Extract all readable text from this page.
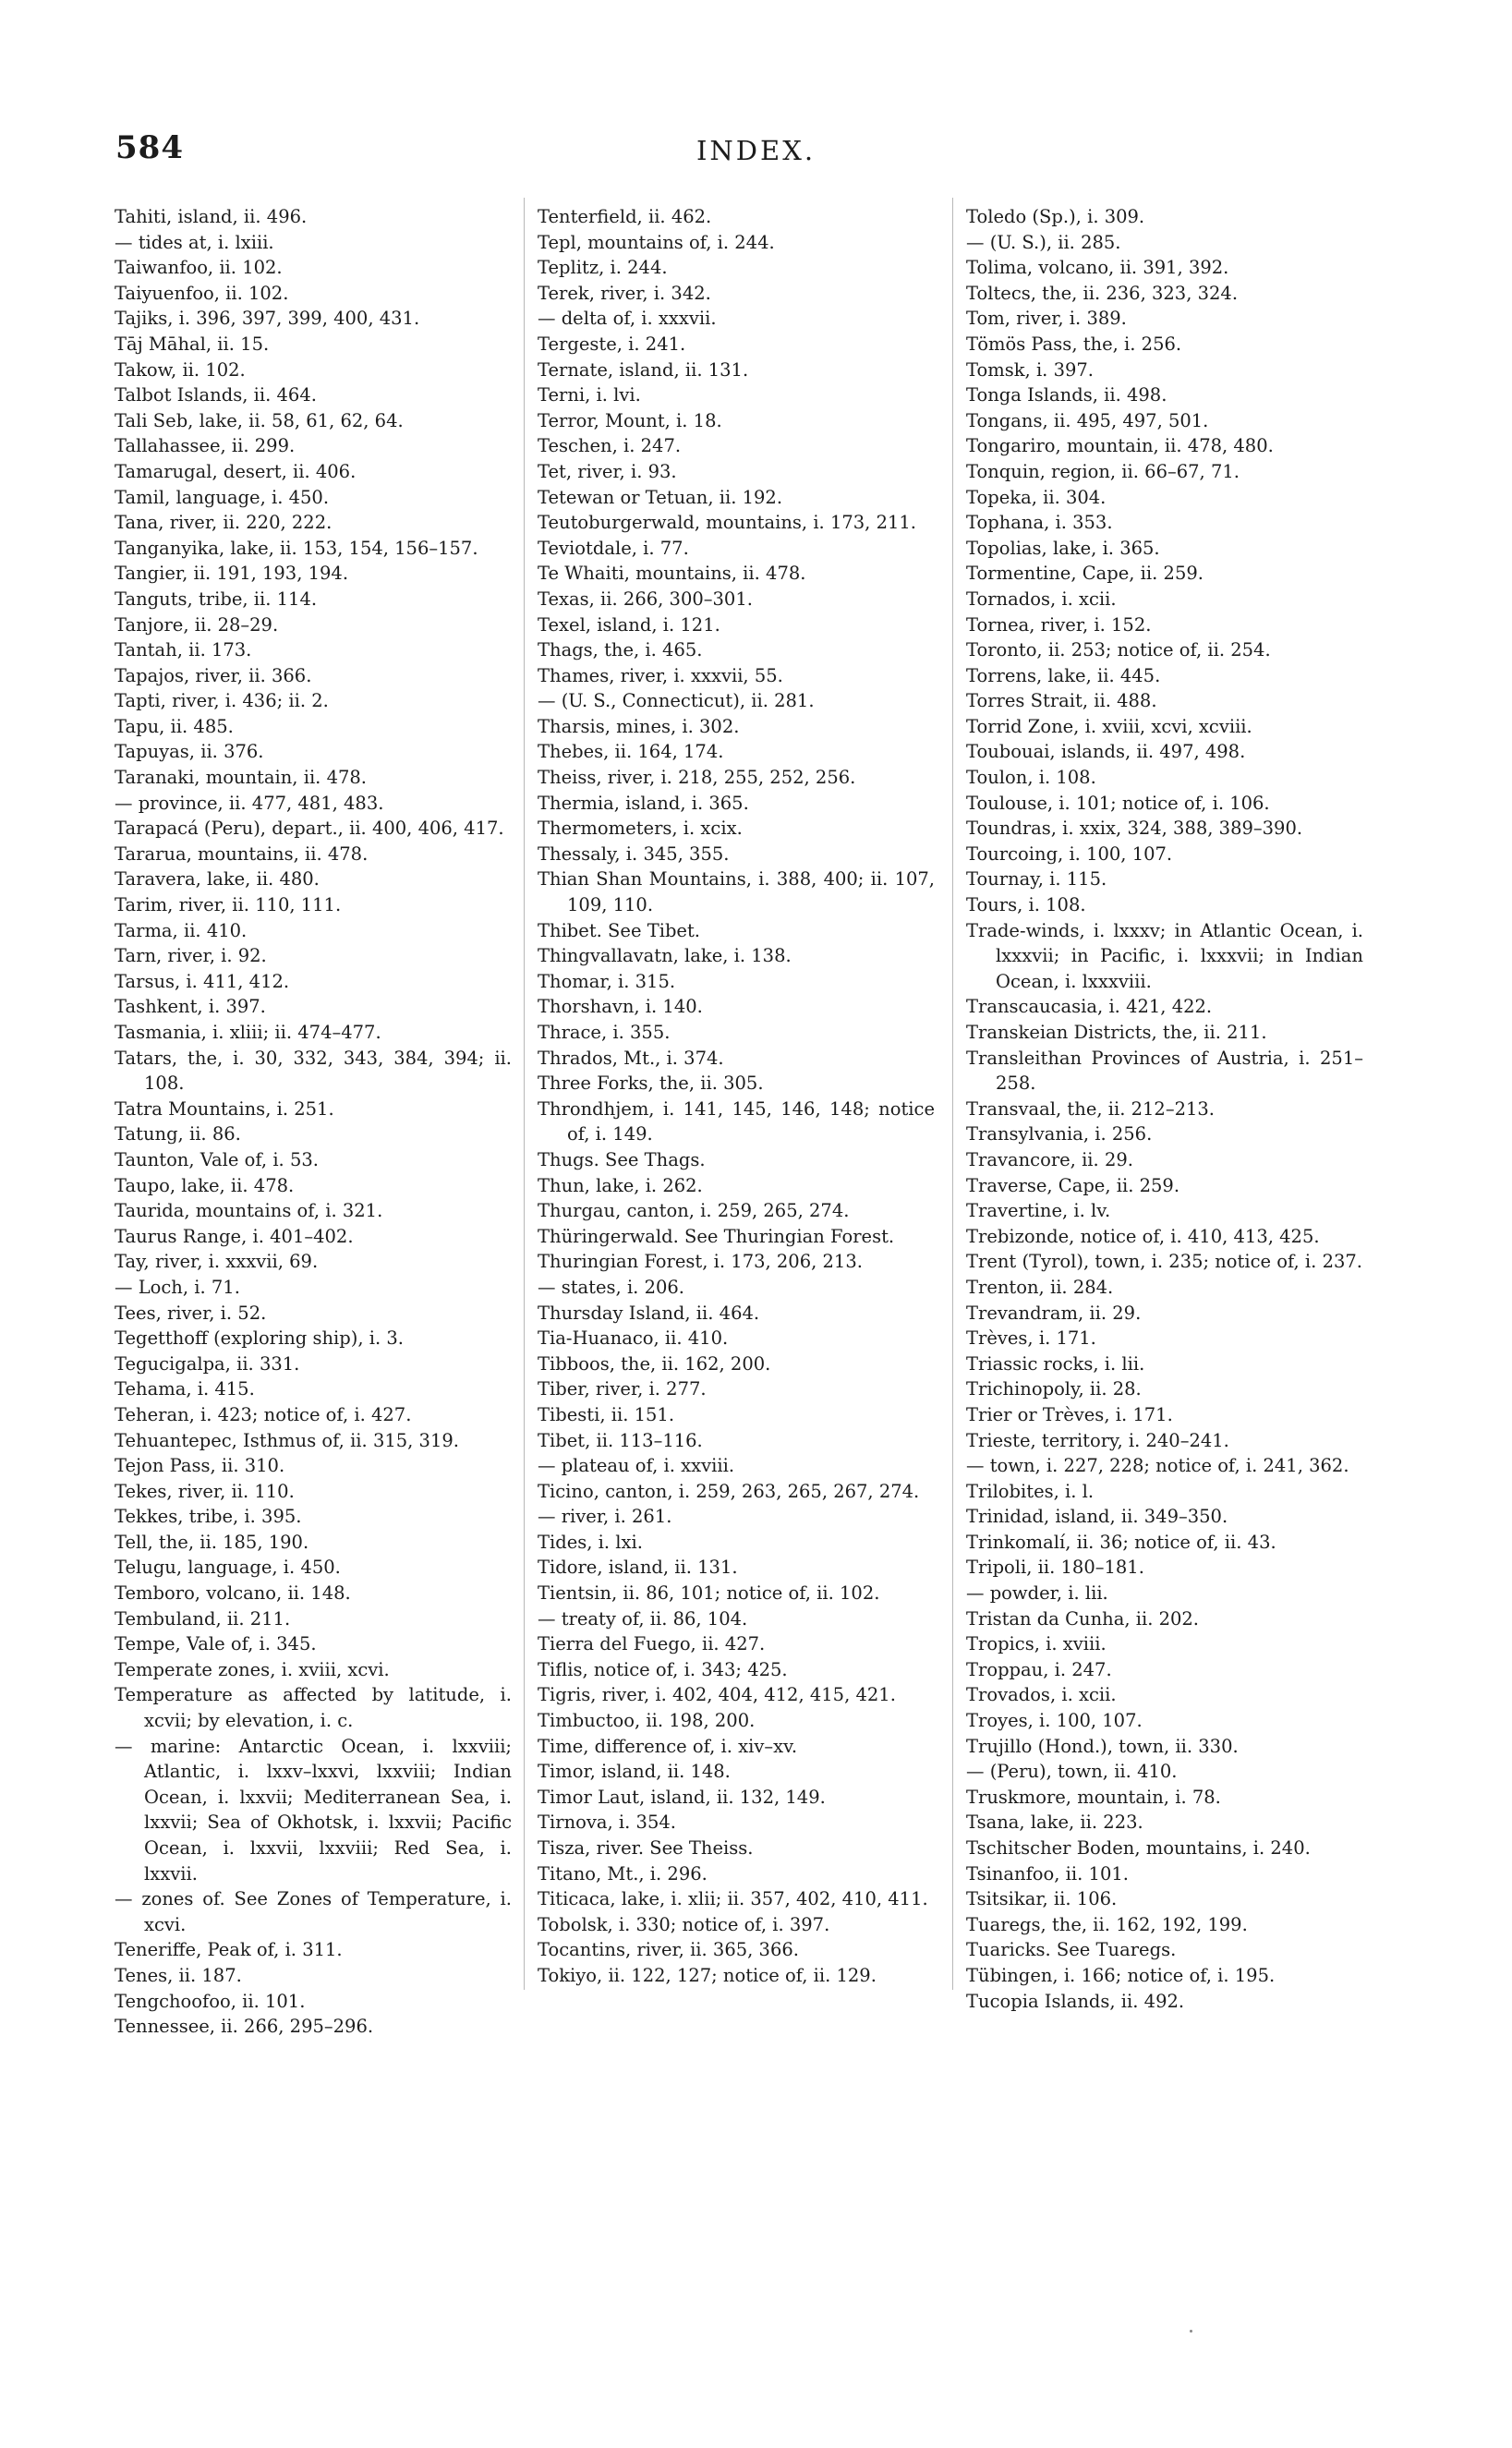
584	INDEX.

Tahiti, island, ii. 496.

— tides at, i. lxiii.

Taiwanfoo, ii. 102.

Taiyuenfoo, ii. 102.

Tajiks, i. 396, 397, 399, 400, 431.

Tāj Māhal, ii. 15.

Takow, ii. 102.

Talbot Islands, ii. 464.

Tali Seb, lake, ii. 58, 61, 62, 64.

Tallahassee, ii. 299.

Tamarugal, desert, ii. 406.

Tamil, language, i. 450.

Tana, river, ii. 220, 222.

Tanganyika, lake, ii. 153, 154, 156–157.

Tangier, ii. 191, 193, 194.

Tanguts, tribe, ii. 114.

Tanjore, ii. 28–29.

Tantah, ii. 173.

Tapajos, river, ii. 366.

Tapti, river, i. 436; ii. 2.

Tapu, ii. 485.

Tapuyas, ii. 376.

Taranaki, mountain, ii. 478.

— province, ii. 477, 481, 483.

Tarapacá (Peru), depart., ii. 400, 406, 417.

Tararua, mountains, ii. 478.

Taravera, lake, ii. 480.

Tarim, river, ii. 110, 111.

Tarma, ii. 410.

Tarn, river, i. 92.

Tarsus, i. 411, 412.

Tashkent, i. 397.

Tasmania, i. xliii; ii. 474–477.

Tatars, the, i. 30, 332, 343, 384, 394; ii. 108.

Tatra Mountains, i. 251.

Tatung, ii. 86.

Taunton, Vale of, i. 53.

Taupo, lake, ii. 478.

Taurida, mountains of, i. 321.

Taurus Range, i. 401–402.

Tay, river, i. xxxvii, 69.

— Loch, i. 71.

Tees, river, i. 52.

Tegetthoff (exploring ship), i. 3.

Tegucigalpa, ii. 331.

Tehama, i. 415.

Teheran, i. 423; notice of, i. 427.

Tehuantepec, Isthmus of, ii. 315, 319.

Tejon Pass, ii. 310.

Tekes, river, ii. 110.

Tekkes, tribe, i. 395.

Tell, the, ii. 185, 190.

Telugu, language, i. 450.

Temboro, volcano, ii. 148.

Tembuland, ii. 211.

Tempe, Vale of, i. 345.

Temperate zones, i. xviii, xcvi.

Temperature as affected by latitude, i. xcvii; by elevation, i. c.

— marine: Antarctic Ocean, i. lxxviii; Atlantic, i. lxxv–lxxvi, lxxviii; Indian Ocean, i. lxxvii; Mediterranean Sea, i. lxxvii; Sea of Okhotsk, i. lxxvii; Pacific Ocean, i. lxxvii, lxxviii; Red Sea, i. lxxvii.

— zones of. See Zones of Temperature, i. xcvi.

Teneriffe, Peak of, i. 311.

Tenes, ii. 187.

Tengchoofoo, ii. 101.

Tennessee, ii. 266, 295–296.

Tenterfield, ii. 462.

Tepl, mountains of, i. 244.

Teplitz, i. 244.

Terek, river, i. 342.

— delta of, i. xxxvii.

Tergeste, i. 241.

Ternate, island, ii. 131.

Terni, i. lvi.

Terror, Mount, i. 18.

Teschen, i. 247.

Tet, river, i. 93.

Tetewan or Tetuan, ii. 192.

Teutoburgerwald, mountains, i. 173, 211.

Teviotdale, i. 77.

Te Whaiti, mountains, ii. 478.

Texas, ii. 266, 300–301.

Texel, island, i. 121.

Thags, the, i. 465.

Thames, river, i. xxxvii, 55.

— (U. S., Connecticut), ii. 281.

Tharsis, mines, i. 302.

Thebes, ii. 164, 174.

Theiss, river, i. 218, 255, 252, 256.

Thermia, island, i. 365.

Thermometers, i. xcix.

Thessaly, i. 345, 355.

Thian Shan Mountains, i. 388, 400; ii. 107, 109, 110.

Thibet. See Tibet.

Thingvallavatn, lake, i. 138.

Thomar, i. 315.

Thorshavn, i. 140.

Thrace, i. 355.

Thrados, Mt., i. 374.

Three Forks, the, ii. 305.

Throndhjem, i. 141, 145, 146, 148; notice of, i. 149.

Thugs. See Thags.

Thun, lake, i. 262.

Thurgau, canton, i. 259, 265, 274.

Thüringerwald. See Thuringian Forest.

Thuringian Forest, i. 173, 206, 213.

— states, i. 206.

Thursday Island, ii. 464.

Tia-Huanaco, ii. 410.

Tibboos, the, ii. 162, 200.

Tiber, river, i. 277.

Tibesti, ii. 151.

Tibet, ii. 113–116.

— plateau of, i. xxviii.

Ticino, canton, i. 259, 263, 265, 267, 274.

— river, i. 261.

Tides, i. lxi.

Tidore, island, ii. 131.

Tientsin, ii. 86, 101; notice of, ii. 102.

— treaty of, ii. 86, 104.

Tierra del Fuego, ii. 427.

Tiflis, notice of, i. 343; 425.

Tigris, river, i. 402, 404, 412, 415, 421.

Timbuctoo, ii. 198, 200.

Time, difference of, i. xiv–xv.

Timor, island, ii. 148.

Timor Laut, island, ii. 132, 149.

Tirnova, i. 354.

Tisza, river. See Theiss.

Titano, Mt., i. 296.

Titicaca, lake, i. xlii; ii. 357, 402, 410, 411.

Tobolsk, i. 330; notice of, i. 397.

Tocantins, river, ii. 365, 366.

Tokiyo, ii. 122, 127; notice of, ii. 129.

Toledo (Sp.), i. 309.

— (U. S.), ii. 285.

Tolima, volcano, ii. 391, 392.

Toltecs, the, ii. 236, 323, 324.

Tom, river, i. 389.

Tömös Pass, the, i. 256.

Tomsk, i. 397.

Tonga Islands, ii. 498.

Tongans, ii. 495, 497, 501.

Tongariro, mountain, ii. 478, 480.

Tonquin, region, ii. 66–67, 71.

Topeka, ii. 304.

Tophana, i. 353.

Topolias, lake, i. 365.

Tormentine, Cape, ii. 259.

Tornados, i. xcii.

Tornea, river, i. 152.

Toronto, ii. 253; notice of, ii. 254.

Torrens, lake, ii. 445.

Torres Strait, ii. 488.

Torrid Zone, i. xviii, xcvi, xcviii.

Toubouai, islands, ii. 497, 498.

Toulon, i. 108.

Toulouse, i. 101; notice of, i. 106.

Toundras, i. xxix, 324, 388, 389–390.

Tourcoing, i. 100, 107.

Tournay, i. 115.

Tours, i. 108.

Trade-winds, i. lxxxv; in Atlantic Ocean, i. lxxxvii; in Pacific, i. lxxxvii; in Indian Ocean, i. lxxxviii.

Transcaucasia, i. 421, 422.

Transkeian Districts, the, ii. 211.

Transleithan Provinces of Austria, i. 251–258.

Transvaal, the, ii. 212–213.

Transylvania, i. 256.

Travancore, ii. 29.

Traverse, Cape, ii. 259.

Travertine, i. lv.

Trebizonde, notice of, i. 410, 413, 425.

Trent (Tyrol), town, i. 235; notice of, i. 237.

Trenton, ii. 284.

Trevandram, ii. 29.

Trèves, i. 171.

Triassic rocks, i. lii.

Trichinopoly, ii. 28.

Trier or Trèves, i. 171.

Trieste, territory, i. 240–241.

— town, i. 227, 228; notice of, i. 241, 362.

Trilobites, i. l.

Trinidad, island, ii. 349–350.

Trinkomalí, ii. 36; notice of, ii. 43.

Tripoli, ii. 180–181.

— powder, i. lii.

Tristan da Cunha, ii. 202.

Tropics, i. xviii.

Troppau, i. 247.

Trovados, i. xcii.

Troyes, i. 100, 107.

Trujillo (Hond.), town, ii. 330.

— (Peru), town, ii. 410.

Truskmore, mountain, i. 78.

Tsana, lake, ii. 223.

Tschitscher Boden, mountains, i. 240.

Tsinanfoo, ii. 101.

Tsitsikar, ii. 106.

Tuaregs, the, ii. 162, 192, 199.

Tuaricks. See Tuaregs.

Tübingen, i. 166; notice of, i. 195.

Tucopia Islands, ii. 492.
